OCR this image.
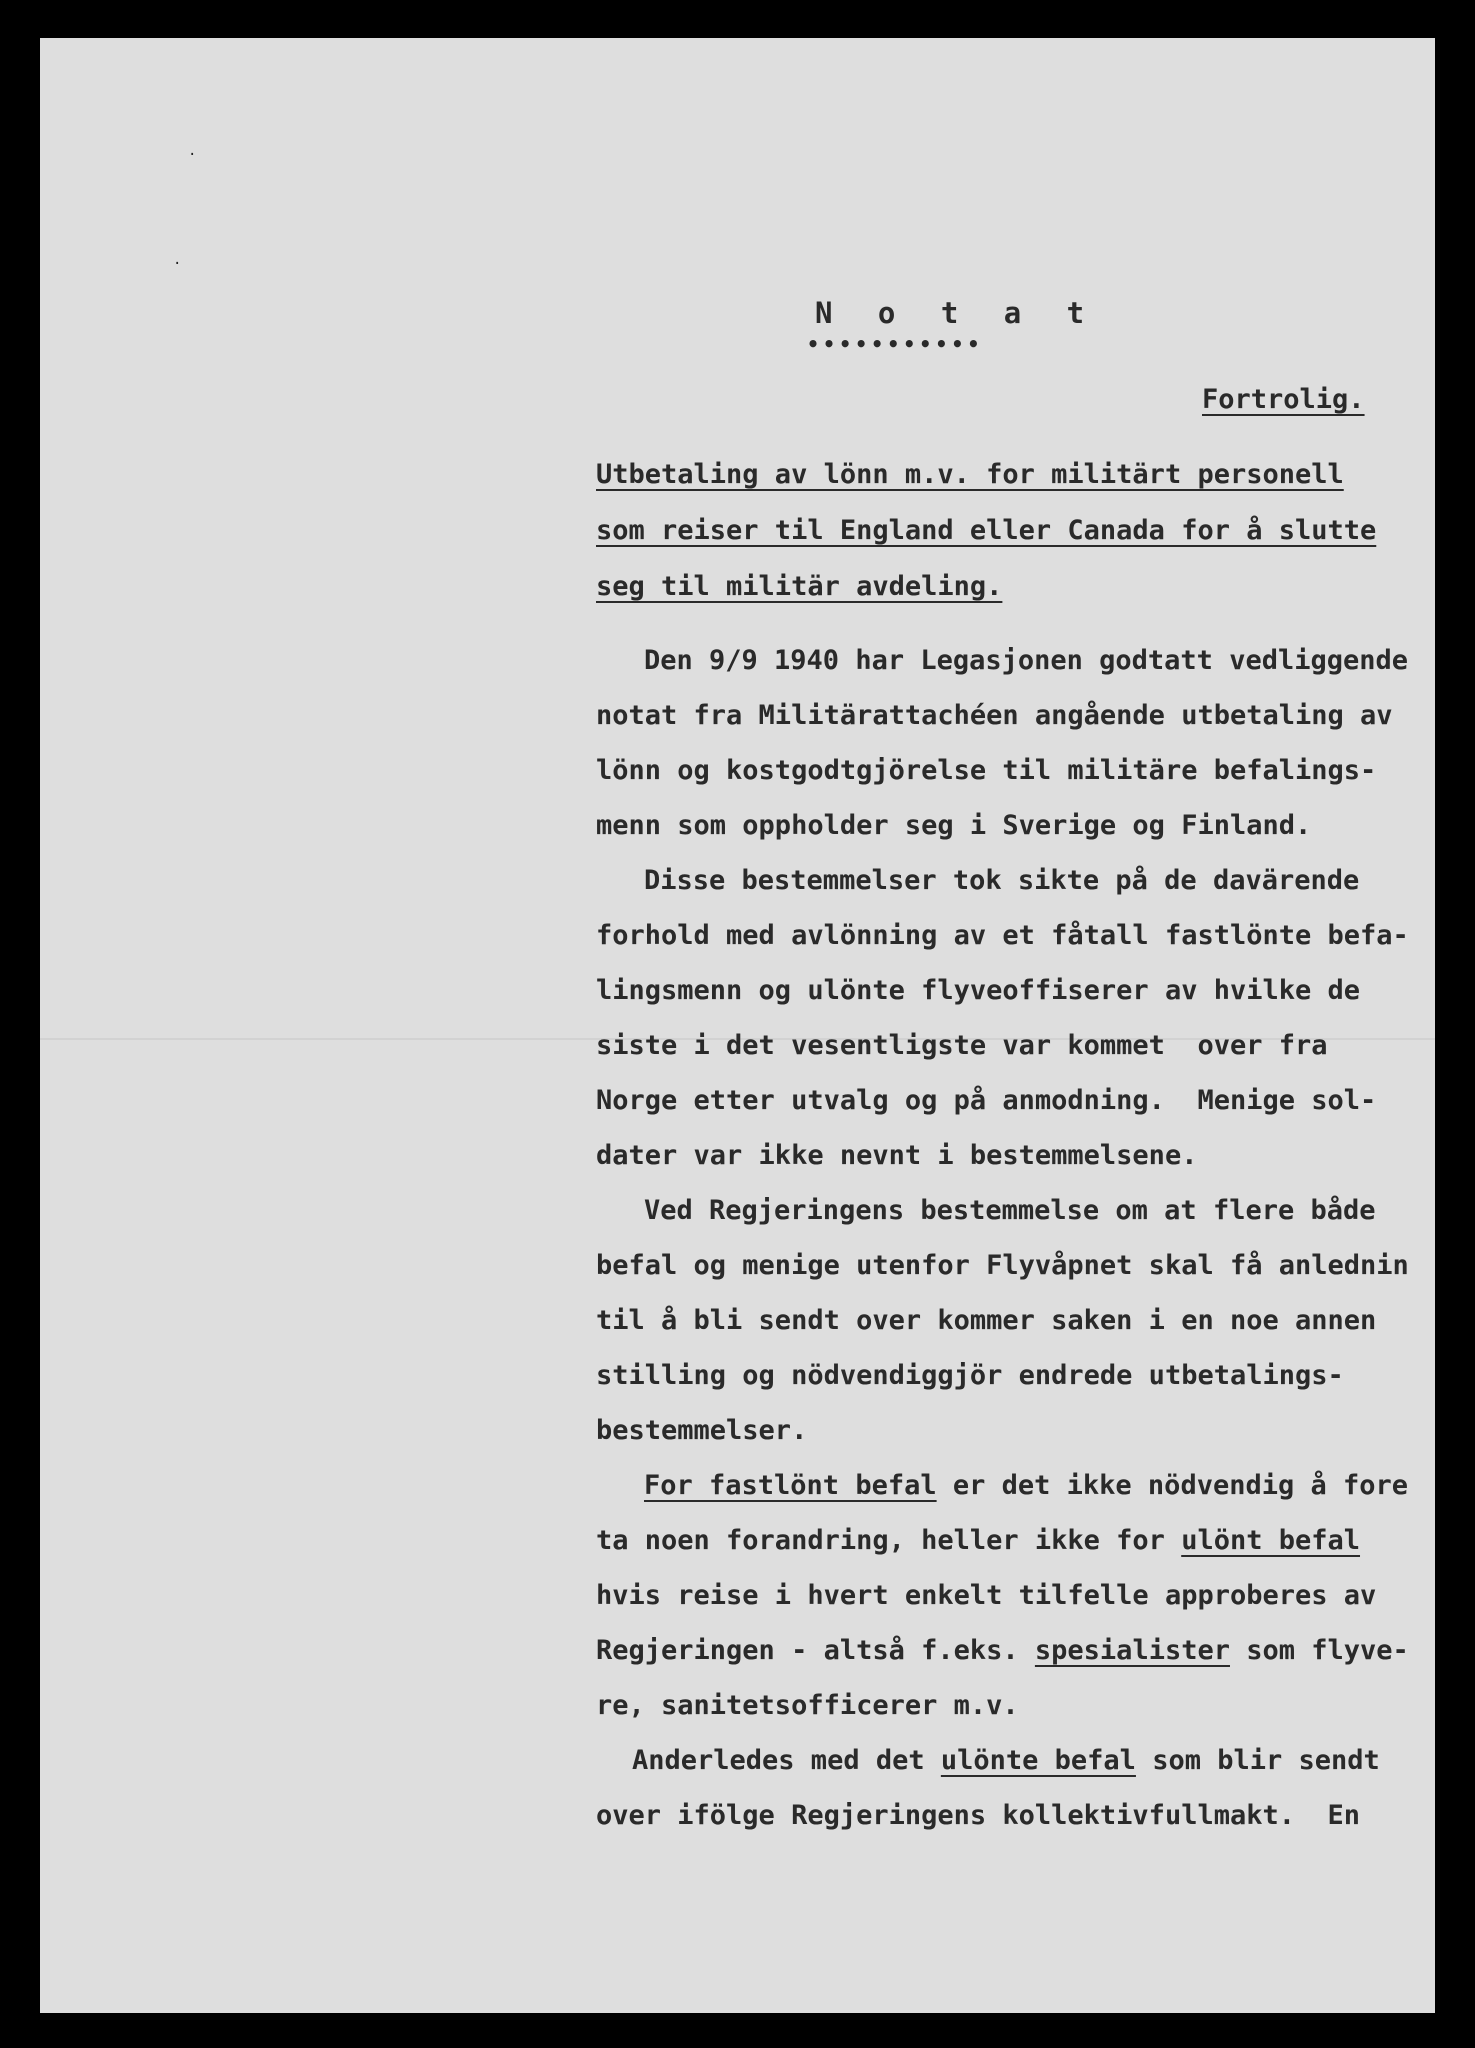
·
·
N o t a t
•••••••••••
Fortrolig.
Utbetaling av lönn m.v. for militärt personell
som reiser til England eller Canada for å slutte
seg til militär avdeling.
Den 9/9 1940 har Legasjonen godtatt vedliggende
notat fra Militärattachéen angående utbetaling av
lönn og kostgodtgjörelse til militäre befalings-
menn som oppholder seg i Sverige og Finland.
Disse bestemmelser tok sikte på de davärende
forhold med avlönning av et fåtall fastlönte befa-
lingsmenn og ulönte flyveoffiserer av hvilke de
siste i det vesentligste var kommet  over fra
Norge etter utvalg og på anmodning.  Menige sol-
dater var ikke nevnt i bestemmelsene.
Ved Regjeringens bestemmelse om at flere både
befal og menige utenfor Flyvåpnet skal få anlednin
til å bli sendt over kommer saken i en noe annen
stilling og nödvendiggjör endrede utbetalings-
bestemmelser.
For fastlönt befal er det ikke nödvendig å fore
ta noen forandring, heller ikke for ulönt befal
hvis reise i hvert enkelt tilfelle approberes av
Regjeringen - altså f.eks. spesialister som flyve-
re, sanitetsofficerer m.v.
Anderledes med det ulönte befal som blir sendt
over ifölge Regjeringens kollektivfullmakt.  En
